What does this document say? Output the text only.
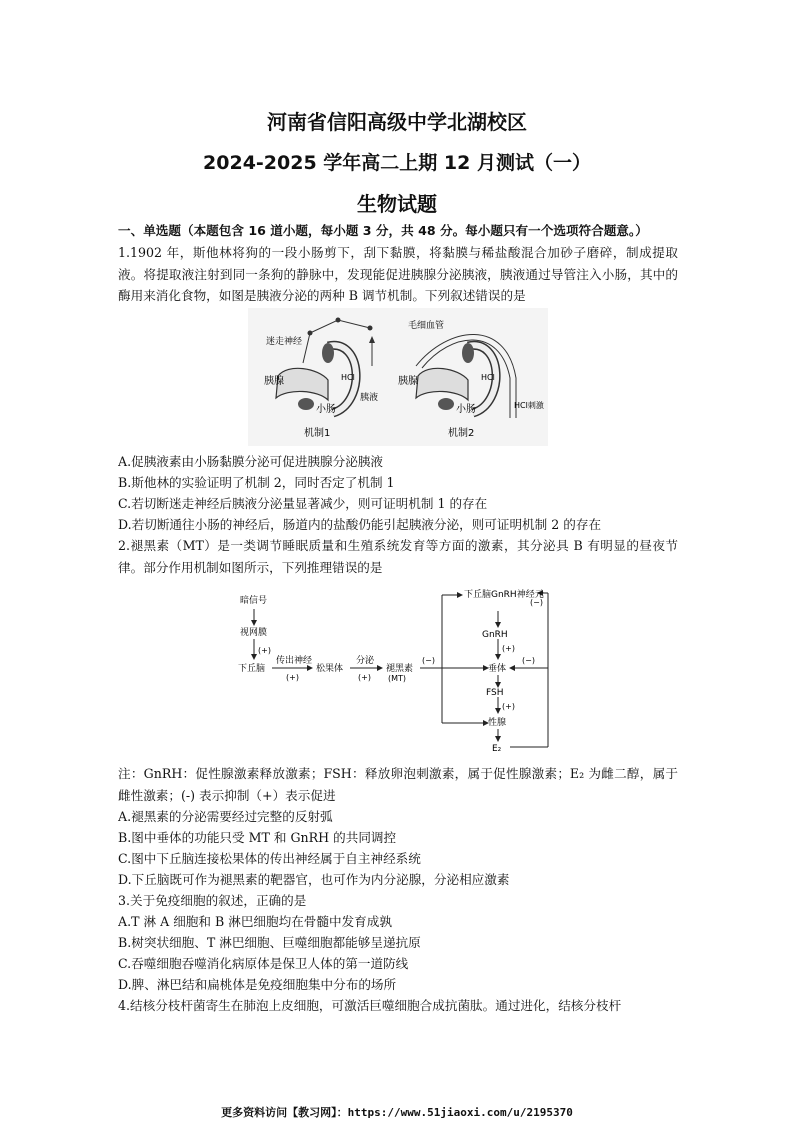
河南省信阳高级中学北湖校区
2024-2025 学年高二上期 12 月测试（一）
生物试题
一、单选题（本题包含 16 道小题，每小题 3 分，共 48 分。每小题只有一个选项符合题意。）
1.1902 年，斯他林将狗的一段小肠剪下，刮下黏膜，将黏膜与稀盐酸混合加砂子磨碎，制成提取液。将提取液注射到同一条狗的静脉中，发现能促进胰腺分泌胰液，胰液通过导管注入小肠，其中的酶用来消化食物，如图是胰液分泌的两种 B 调节机制。下列叙述错误的是
迷走神经
胰腺	HCl
胰液
小肠
机制1
毛细血管
胰腺	HCl
小肠	HCl刺激
机制2
A.促胰液素由小肠黏膜分泌可促进胰腺分泌胰液
B.斯他林的实验证明了机制 2，同时否定了机制 1
C.若切断迷走神经后胰液分泌量显著减少，则可证明机制 1 的存在
D.若切断通往小肠的神经后，肠道内的盐酸仍能引起胰液分泌，则可证明机制 2 的存在
2.褪黑素（MT）是一类调节睡眠质量和生殖系统发育等方面的激素，其分泌具 B 有明显的昼夜节律。部分作用机制如图所示，下列推理错误的是
暗信号
视网膜
(+)
下丘脑
传出神经
(+)
松果体
分泌
(+)
褪黑素
(MT)
(−)
下丘脑GnRH神经元
(−)
GnRH
(+)
垂体
(−)
FSH
(+)
性腺
E₂
注：GnRH：促性腺激素释放激素；FSH：释放卵泡刺激素，属于促性腺激素；E₂ 为雌二醇，属于雌性激素；(-) 表示抑制（+）表示促进
A.褪黑素的分泌需要经过完整的反射弧
B.图中垂体的功能只受 MT 和 GnRH 的共同调控
C.图中下丘脑连接松果体的传出神经属于自主神经系统
D.下丘脑既可作为褪黑素的靶器官，也可作为内分泌腺，分泌相应激素
3.关于免疫细胞的叙述，正确的是
A.T 淋 A 细胞和 B 淋巴细胞均在骨髓中发育成孰
B.树突状细胞、T 淋巴细胞、巨噬细胞都能够呈递抗原
C.吞噬细胞吞噬消化病原体是保卫人体的第一道防线
D.脾、淋巴结和扁桃体是免疫细胞集中分布的场所
4.结核分枝杆菌寄生在肺泡上皮细胞，可激活巨噬细胞合成抗菌肽。通过进化，结核分枝杆
更多资料访问【教习网】：https://www.51jiaoxi.com/u/2195370
